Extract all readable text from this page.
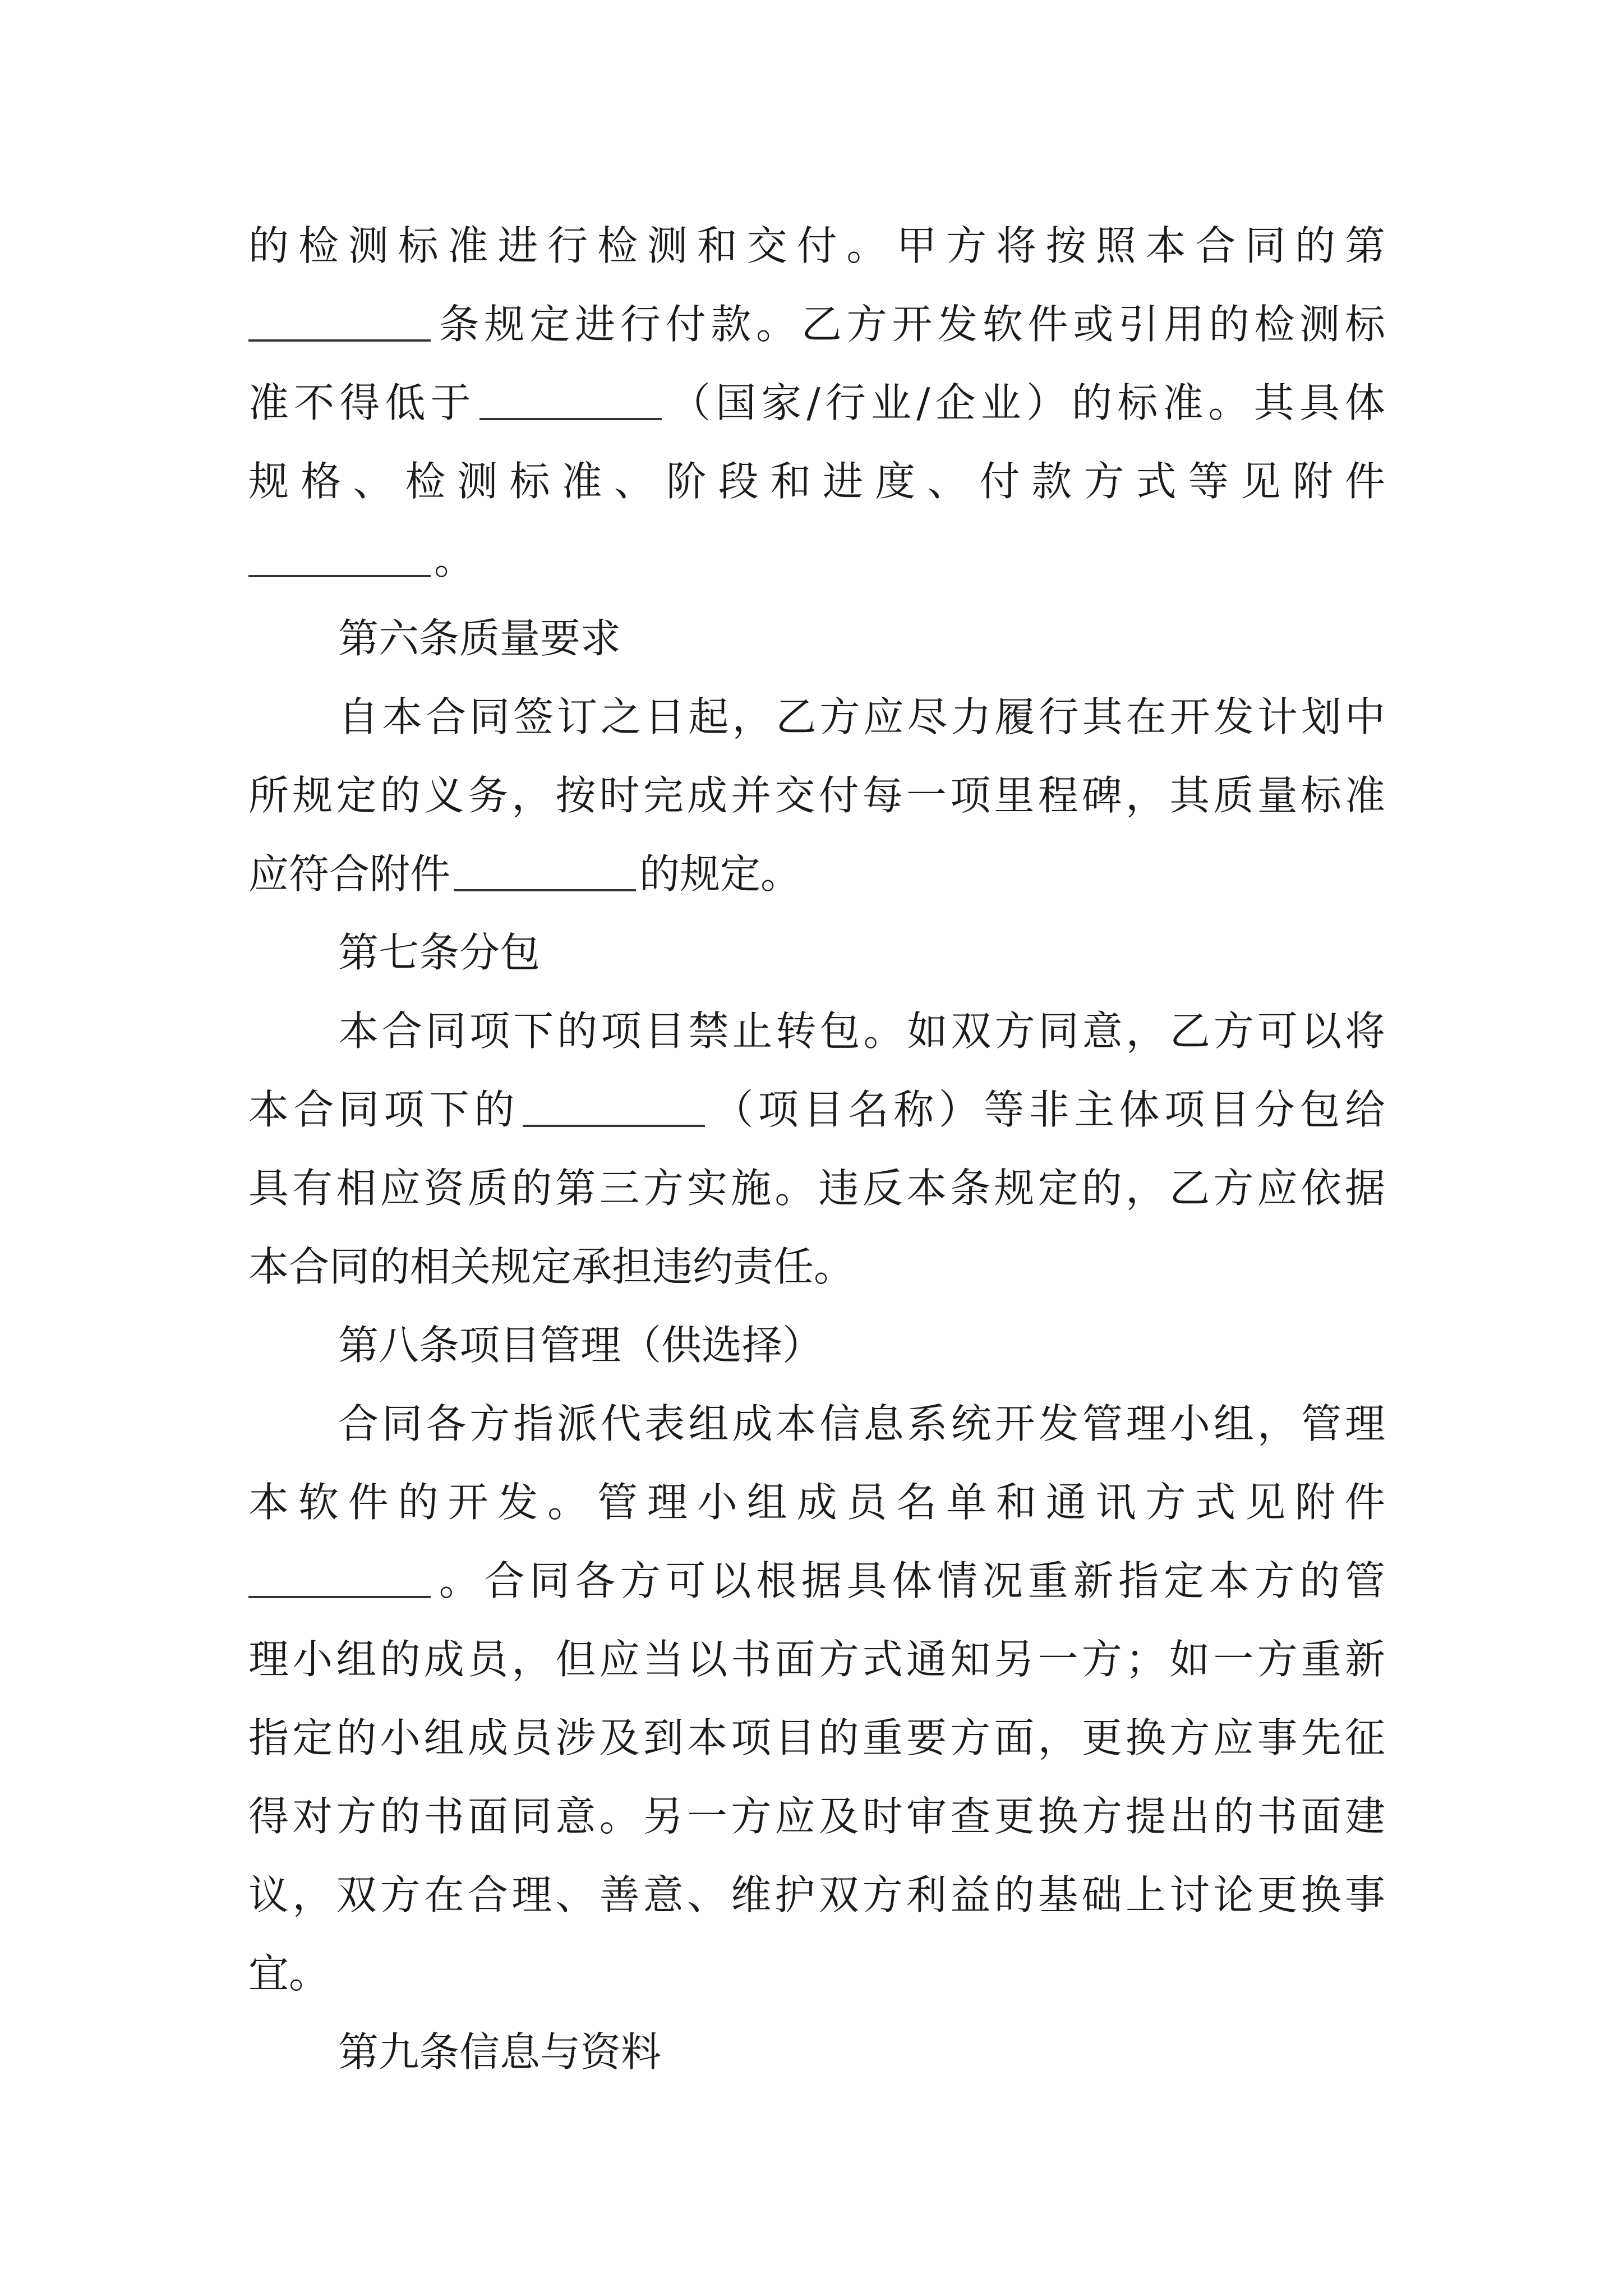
的检测标准进行检测和交付。甲方将按照本合同的第
条规定进行付款。乙方开发软件或引用的检测标
准不得低于	（国家/行业/企业）的标准。其具体
规格、检测标准、阶段和进度、付款方式等见附件
。
第六条质量要求
自本合同签订之日起，乙方应尽力履行其在开发计划中
所规定的义务，按时完成并交付每一项里程碑，其质量标准
应符合附件	的规定。
第七条分包
本合同项下的项目禁止转包。如双方同意，乙方可以将
本合同项下的	（项目名称）等非主体项目分包给
具有相应资质的第三方实施。违反本条规定的，乙方应依据
本合同的相关规定承担违约责任。
第八条项目管理（供选择）
合同各方指派代表组成本信息系统开发管理小组，管理
本软件的开发。管理小组成员名单和通讯方式见附件
。合同各方可以根据具体情况重新指定本方的管
理小组的成员，但应当以书面方式通知另一方；如一方重新
指定的小组成员涉及到本项目的重要方面，更换方应事先征
得对方的书面同意。另一方应及时审查更换方提出的书面建
议，双方在合理、善意、维护双方利益的基础上讨论更换事
宜。
第九条信息与资料
